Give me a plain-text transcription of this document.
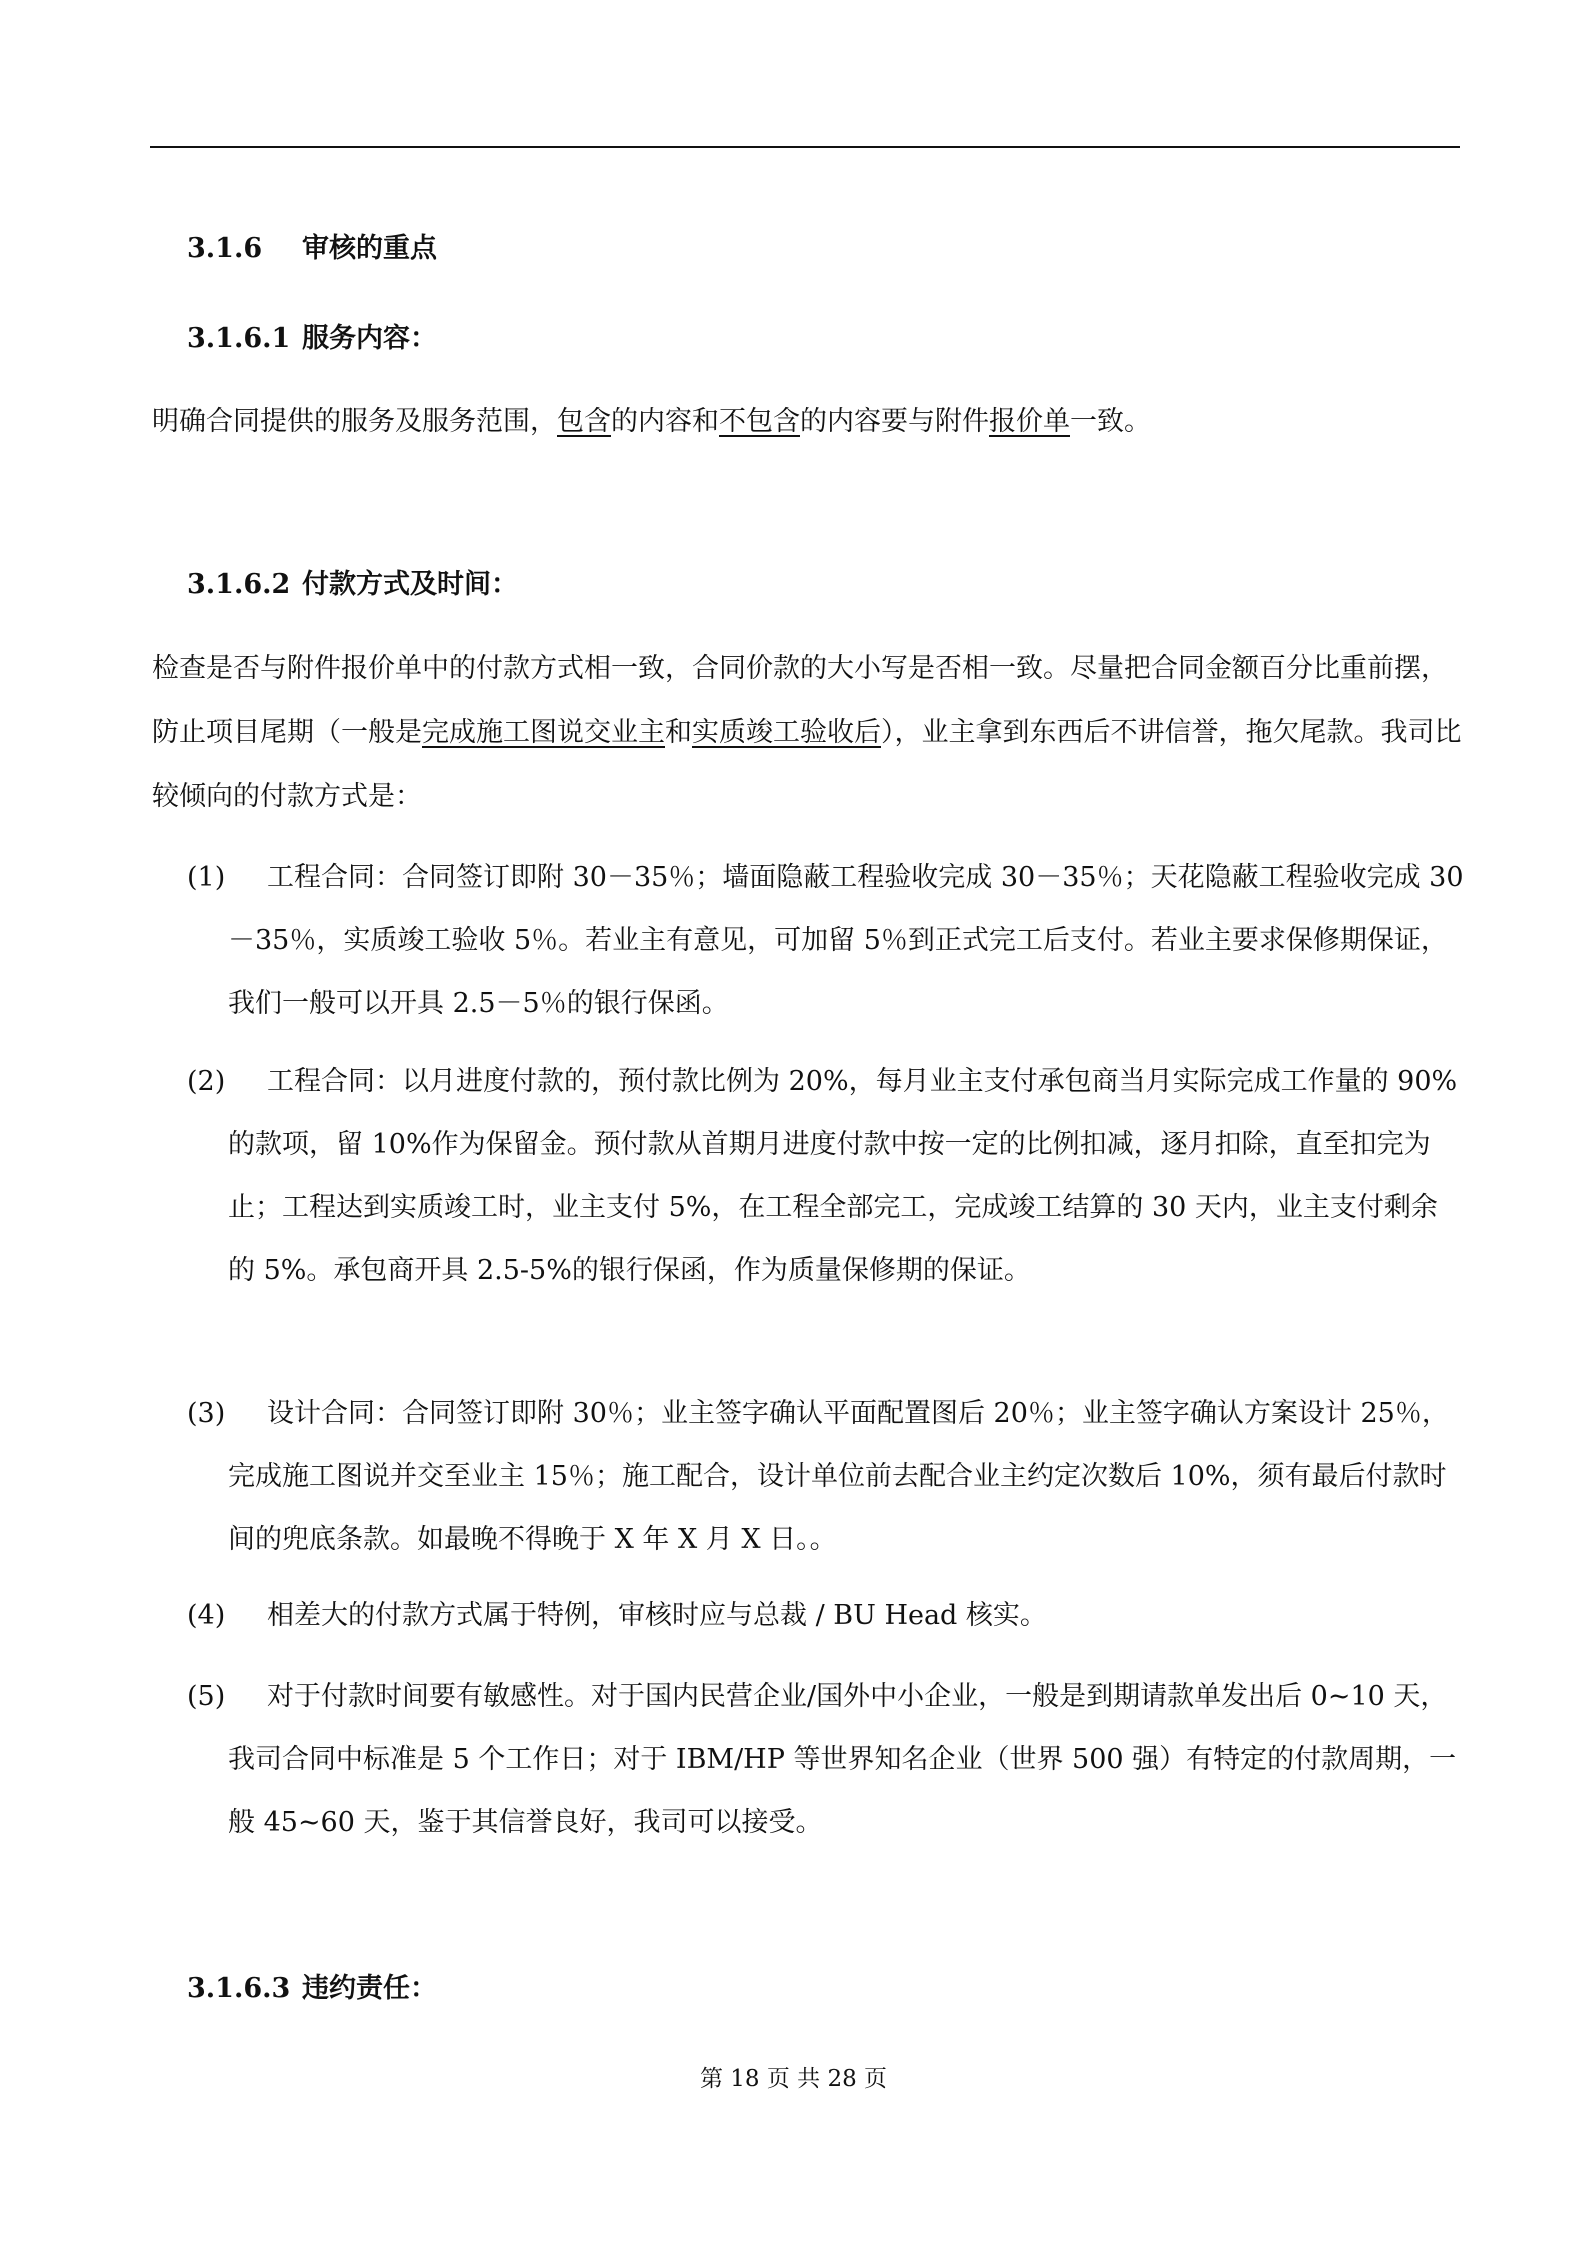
3.1.6 审核的重点
3.1.6.1 服务内容：
明确合同提供的服务及服务范围，包含的内容和不包含的内容要与附件报价单一致。
3.1.6.2 付款方式及时间：
检查是否与附件报价单中的付款方式相一致，合同价款的大小写是否相一致。尽量把合同金额百分比重前摆，防止项目尾期（一般是完成施工图说交业主和实质竣工验收后），业主拿到东西后不讲信誉，拖欠尾款。我司比较倾向的付款方式是：
(1)	工程合同：合同签订即附 30－35％；墙面隐蔽工程验收完成 30－35％；天花隐蔽工程验收完成 30－35％，实质竣工验收 5％。若业主有意见，可加留 5％到正式完工后支付。若业主要求保修期保证，我们一般可以开具 2.5－5％的银行保函。
(2)	工程合同：以月进度付款的，预付款比例为 20%，每月业主支付承包商当月实际完成工作量的 90%的款项，留 10%作为保留金。预付款从首期月进度付款中按一定的比例扣减，逐月扣除，直至扣完为止；工程达到实质竣工时，业主支付 5%，在工程全部完工，完成竣工结算的 30 天内，业主支付剩余的 5%。承包商开具 2.5-5%的银行保函，作为质量保修期的保证。
(3)	设计合同：合同签订即附 30％；业主签字确认平面配置图后 20％；业主签字确认方案设计 25％，完成施工图说并交至业主 15％；施工配合，设计单位前去配合业主约定次数后 10%，须有最后付款时间的兜底条款。如最晚不得晚于 X 年 X 月 X 日。。
(4)	相差大的付款方式属于特例，审核时应与总裁 / BU Head 核实。
(5)	对于付款时间要有敏感性。对于国内民营企业/国外中小企业，一般是到期请款单发出后 0~10 天，我司合同中标准是 5 个工作日；对于 IBM/HP 等世界知名企业（世界 500 强）有特定的付款周期，一般 45~60 天，鉴于其信誉良好，我司可以接受。
3.1.6.3 违约责任：
第 18 页 共 28 页
